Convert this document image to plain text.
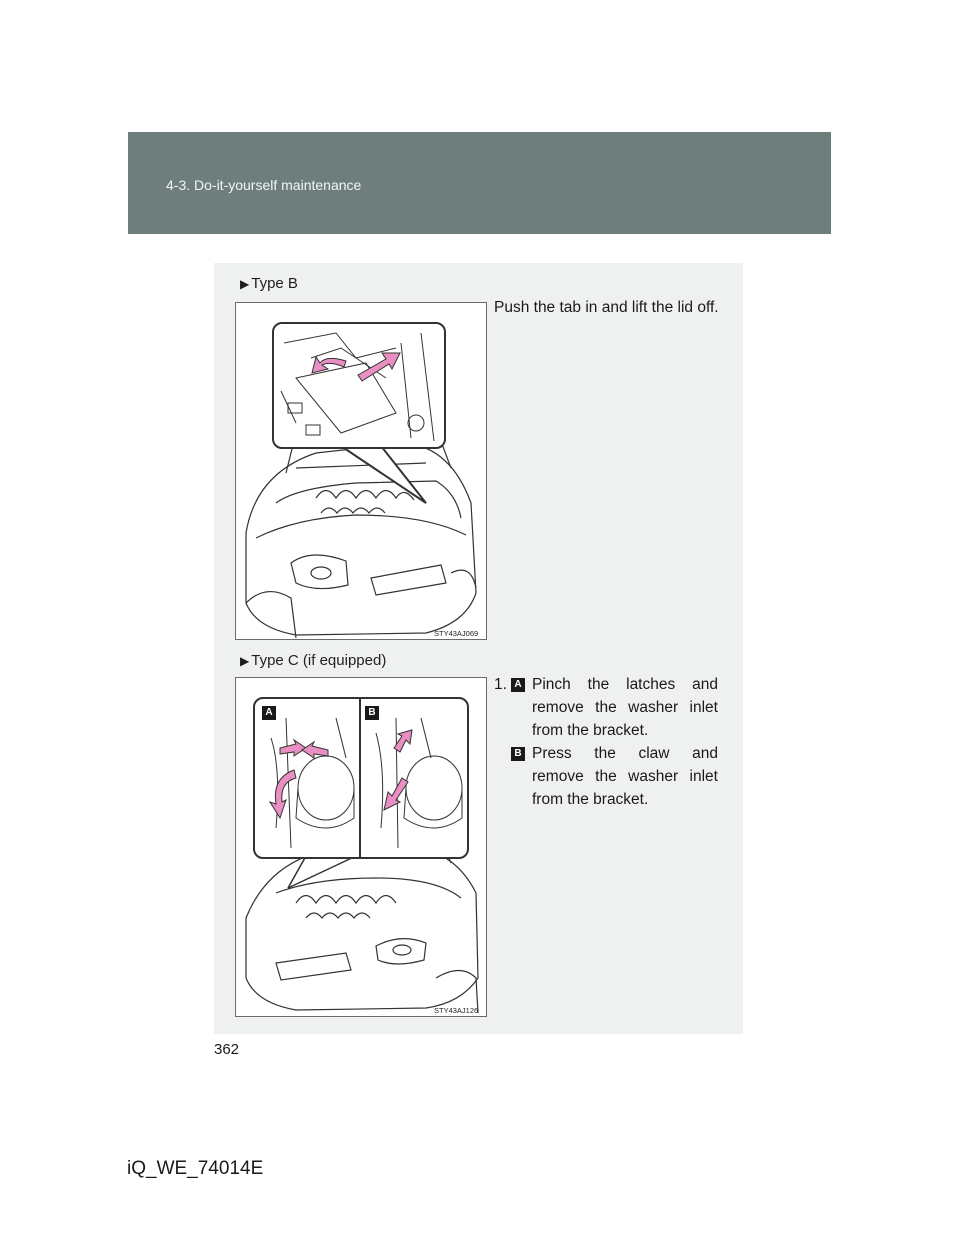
4-3. Do-it-yourself maintenance
▶ Type B
STY43AJ069
Push the tab in and lift the lid off.
▶ Type C (if equipped)
A	B
STY43AJ126
1. A Pinch the latches and remove the washer inlet from the bracket.
B Press the claw and remove the washer inlet from the bracket.
362
iQ_WE_74014E
